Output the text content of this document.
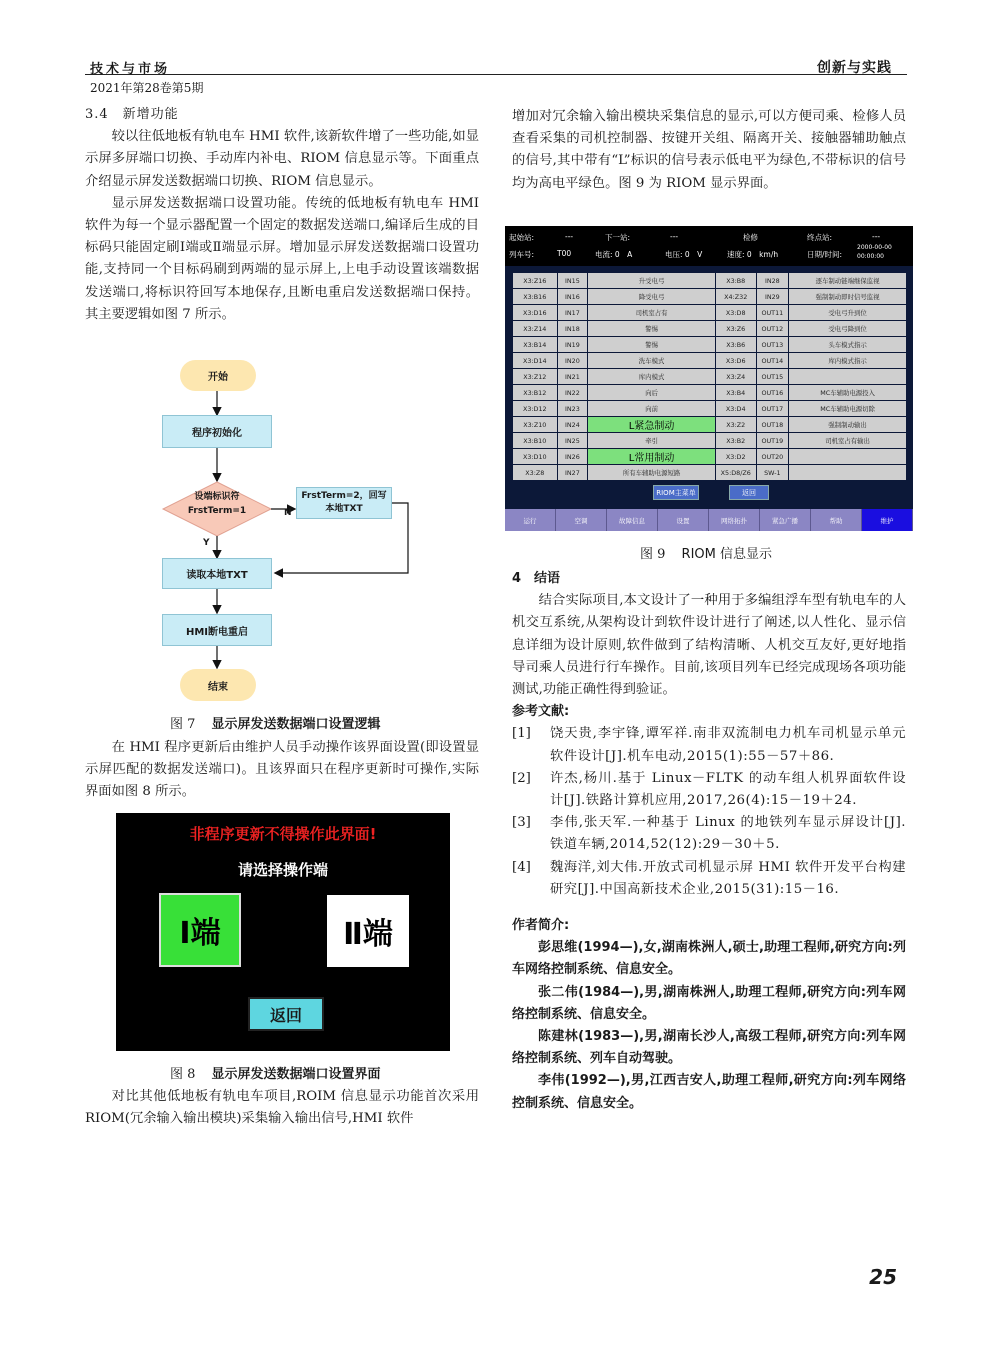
技术与市场	创新与实践
2021年第28卷第5期
3.4　新增功能

较以往低地板有轨电车 HMI 软件,该新软件增了一些功能,如显示屏多屏端口切换、手动库内补电、RIOM 信息显示等。下面重点介绍显示屏发送数据端口切换、RIOM 信息显示。

显示屏发送数据端口设置功能。传统的低地板有轨电车 HMI 软件为每一个显示器配置一个固定的数据发送端口,编译后生成的目标码只能固定刷Ⅰ端或Ⅱ端显示屏。增加显示屏发送数据端口设置功能,支持同一个目标码刷到两端的显示屏上,上电手动设置该端数据发送端口,将标识符回写本地保存,且断电重启发送数据端口保持。其主要逻辑如图 7 所示。

开始
程序初始化
设端标识符
FrstTerm=1	N
FrstTerm=2，回写
本地TXT
Y
读取本地TXT
HMI断电重启
结束
图 7 显示屏发送数据端口设置逻辑

在 HMI 程序更新后由维护人员手动操作该界面设置(即设置显示屏匹配的数据发送端口)。且该界面只在程序更新时可操作,实际界面如图 8 所示。

非程序更新不得操作此界面!
请选择操作端
Ⅰ端	Ⅱ端
返回
图 8 显示屏发送数据端口设置界面

对比其他低地板有轨电车项目,ROIM 信息显示功能首次采用 RIOM(冗余输入输出模块)采集输入输出信号,HMI 软件

增加对冗余输入输出模块采集信息的显示,可以方便司乘、检修人员查看采集的司机控制器、按键开关组、隔离开关、接触器辅助触点的信号,其中带有“L”标识的信号表示低电平为绿色,不带标识的信号均为高电平绿色。图 9 为 RIOM 显示界面。

起始站:	---	下一站:	---	检修	终点站:	---
列车号:	T00	电流: 0　A	电压: 0　V	速度: 0　km/h	日期/时间:
2000-00-00
00:00:00
X3:Z16	IN15	升受电弓	X3:B8	IN28	逐车制动链端继保监视
X3:B16	IN16	降受电弓	X4:Z32	IN29	强制制动即时信号监视
X3:D16	IN17	司机室占有	X3:D8	OUT11	受电弓升到位
X3:Z14	IN18	警惕	X3:Z6	OUT12	受电弓降到位
X3:B14	IN19	警惕	X3:B6	OUT13	头车模式指示
X3:D14	IN20	洗车模式	X3:D6	OUT14	库内模式指示
X3:Z12	IN21	库内模式	X3:Z4	OUT15
X3:B12	IN22	向后	X3:B4	OUT16	MC车辅助电源投入
X3:D12	IN23	向前	X3:D4	OUT17	MC车辅助电源切除
X3:Z10	IN24	L紧急制动	X3:Z2	OUT18	强制制动输出
X3:B10	IN25	牵引	X3:B2	OUT19	司机室占有输出
X3:D10	IN26	L常用制动	X3:D2	OUT20
X3:Z8	IN27	所有车辅助电源短路	X5:D8/Z6	SW-1
RIOM主菜单	返回
运行	空调	故障信息	设置	网络拓扑	紧急广播	帮助	维护
图 9 RIOM 信息显示
4　结语

结合实际项目,本文设计了一种用于多编组浮车型有轨电车的人机交互系统,从架构设计到软件设计进行了阐述,以人性化、显示信息详细为设计原则,软件做到了结构清晰、人机交互友好,更好地指导司乘人员进行行车操作。目前,该项目列车已经完成现场各项功能测试,功能正确性得到验证。

参考文献:
[1]	饶天贵,李宇锋,谭军祥.南非双流制电力机车司机显示单元软件设计[J].机车电动,2015(1):55－57＋86.
[2]	许杰,杨川.基于 Linux－FLTK 的动车组人机界面软件设计[J].铁路计算机应用,2017,26(4):15－19＋24.
[3]	李伟,张天军.一种基于 Linux 的地铁列车显示屏设计[J].铁道车辆,2014,52(12):29－30＋5.
[4]	魏海洋,刘大伟.开放式司机显示屏 HMI 软件开发平台构建研究[J].中国高新技术企业,2015(31):15－16.
作者简介:

彭思维(1994—),女,湖南株洲人,硕士,助理工程师,研究方向:列车网络控制系统、信息安全。

张二伟(1984—),男,湖南株洲人,助理工程师,研究方向:列车网络控制系统、信息安全。

陈建林(1983—),男,湖南长沙人,高级工程师,研究方向:列车网络控制系统、列车自动驾驶。

李伟(1992—),男,江西吉安人,助理工程师,研究方向:列车网络控制系统、信息安全。

25
